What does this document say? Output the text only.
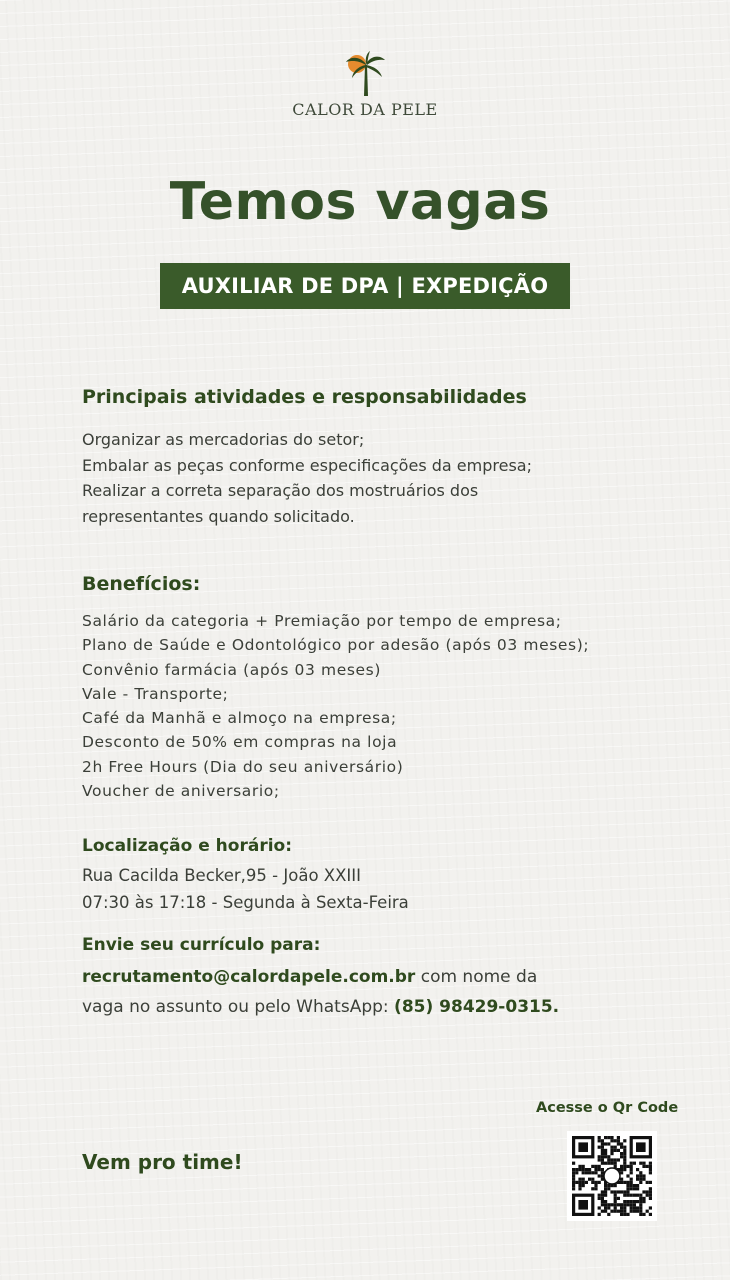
CALOR DA PELE
Temos vagas
AUXILIAR DE DPA | EXPEDIÇÃO
Principais atividades e responsabilidades
Organizar as mercadorias do setor;
Embalar as peças conforme especificações da empresa;
Realizar a correta separação dos mostruários dos
representantes quando solicitado.
Benefícios:
Salário da categoria + Premiação por tempo de empresa;
Plano de Saúde e Odontológico por adesão (após 03 meses);
Convênio farmácia (após 03 meses)
Vale - Transporte;
Café da Manhã e almoço na empresa;
Desconto de 50% em compras na loja
2h Free Hours (Dia do seu aniversário)
Voucher de aniversario;
Localização e horário:
Rua Cacilda Becker,95 - João XXIII
07:30 às 17:18 - Segunda à Sexta-Feira
Envie seu currículo para:
recrutamento@calordapele.com.br com nome da
vaga no assunto ou pelo WhatsApp: (85) 98429-0315.
Acesse o Qr Code
Vem pro time!
